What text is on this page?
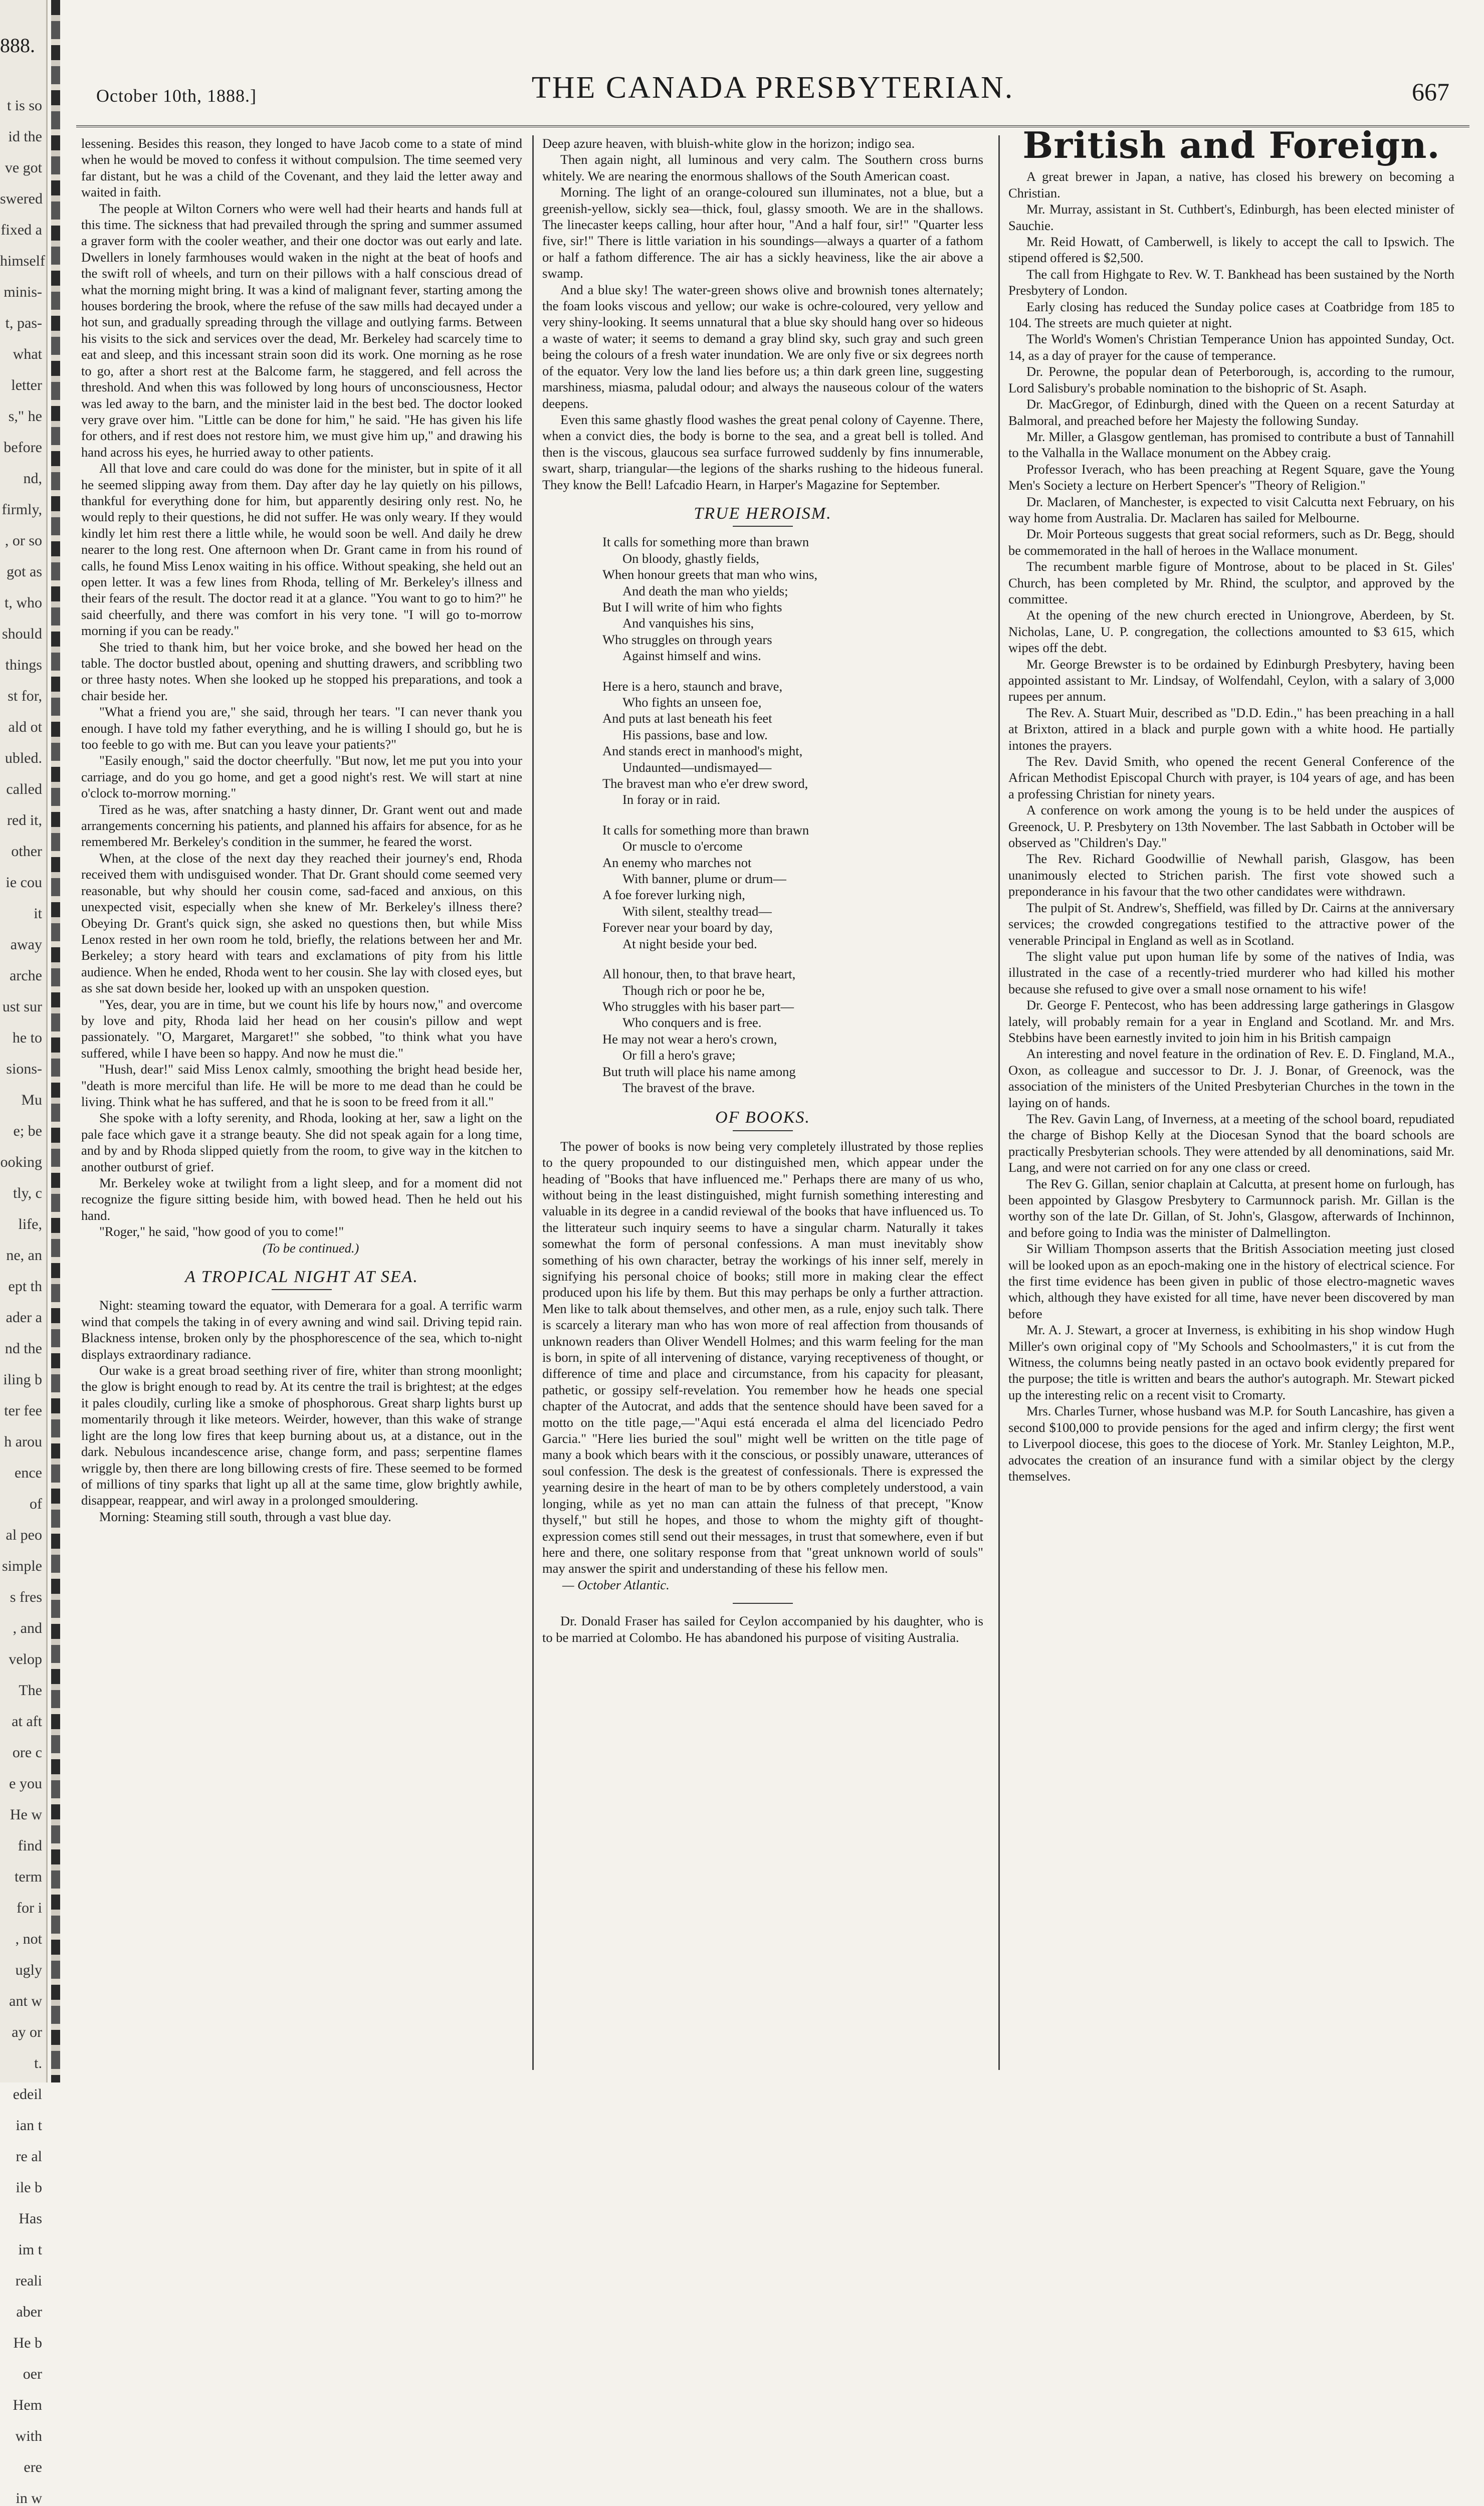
888.
t is so
id the
ve got
swered
fixed a
himself
minis-
t, pas-
what
letter
s," he
before
nd,
firmly,
, or so
got as
t, who
should
things
st for,
ald ot
ubled.
called
red it,
other
ie cou
it away
arche
ust sur
he to
sions-
Mu
e; be
ooking
tly, c
life,
ne, an
ept th
ader a
nd the
iling b
ter fee
h arou
ence of
al peo
simple
s fres
, and
velop
The
at aft
ore c
e you
He w
find
term
for i
, not
ugly
ant w
ay or
t.
edeil
ian t
re al
ile b
Has
im t
reali
aber
He b
oer
Hem
with
ere
in w
October 10th, 1888.]	THE CANADA PRESBYTERIAN.	667

lessening. Besides this reason, they longed to have Jacob come to a state of mind when he would be moved to confess it without compulsion. The time seemed very far distant, but he was a child of the Covenant, and they laid the letter away and waited in faith.

The people at Wilton Corners who were well had their hearts and hands full at this time. The sickness that had prevailed through the spring and summer assumed a graver form with the cooler weather, and their one doctor was out early and late. Dwellers in lonely farmhouses would waken in the night at the beat of hoofs and the swift roll of wheels, and turn on their pillows with a half conscious dread of what the morning might bring. It was a kind of malignant fever, starting among the houses bordering the brook, where the refuse of the saw mills had decayed under a hot sun, and gradually spreading through the village and outlying farms. Between his visits to the sick and services over the dead, Mr. Berkeley had scarcely time to eat and sleep, and this incessant strain soon did its work. One morning as he rose to go, after a short rest at the Balcome farm, he staggered, and fell across the threshold. And when this was followed by long hours of unconsciousness, Hector was led away to the barn, and the minister laid in the best bed. The doctor looked very grave over him. "Little can be done for him," he said. "He has given his life for others, and if rest does not restore him, we must give him up," and drawing his hand across his eyes, he hurried away to other patients.

All that love and care could do was done for the minister, but in spite of it all he seemed slipping away from them. Day after day he lay quietly on his pillows, thankful for everything done for him, but apparently desiring only rest. No, he would reply to their questions, he did not suffer. He was only weary. If they would kindly let him rest there a little while, he would soon be well. And daily he drew nearer to the long rest. One afternoon when Dr. Grant came in from his round of calls, he found Miss Lenox waiting in his office. Without speaking, she held out an open letter. It was a few lines from Rhoda, telling of Mr. Berkeley's illness and their fears of the result. The doctor read it at a glance. "You want to go to him?" he said cheerfully, and there was comfort in his very tone. "I will go to-morrow morning if you can be ready."

She tried to thank him, but her voice broke, and she bowed her head on the table. The doctor bustled about, opening and shutting drawers, and scribbling two or three hasty notes. When she looked up he stopped his preparations, and took a chair beside her.

"What a friend you are," she said, through her tears. "I can never thank you enough. I have told my father everything, and he is willing I should go, but he is too feeble to go with me. But can you leave your patients?"

"Easily enough," said the doctor cheerfully. "But now, let me put you into your carriage, and do you go home, and get a good night's rest. We will start at nine o'clock to-morrow morning."

Tired as he was, after snatching a hasty dinner, Dr. Grant went out and made arrangements concerning his patients, and planned his affairs for absence, for as he remembered Mr. Berkeley's condition in the summer, he feared the worst.

When, at the close of the next day they reached their journey's end, Rhoda received them with undisguised wonder. That Dr. Grant should come seemed very reasonable, but why should her cousin come, sad-faced and anxious, on this unexpected visit, especially when she knew of Mr. Berkeley's illness there? Obeying Dr. Grant's quick sign, she asked no questions then, but while Miss Lenox rested in her own room he told, briefly, the relations between her and Mr. Berkeley; a story heard with tears and exclamations of pity from his little audience. When he ended, Rhoda went to her cousin. She lay with closed eyes, but as she sat down beside her, looked up with an unspoken question.

"Yes, dear, you are in time, but we count his life by hours now," and overcome by love and pity, Rhoda laid her head on her cousin's pillow and wept passionately. "O, Margaret, Margaret!" she sobbed, "to think what you have suffered, while I have been so happy. And now he must die."

"Hush, dear!" said Miss Lenox calmly, smoothing the bright head beside her, "death is more merciful than life. He will be more to me dead than he could be living. Think what he has suffered, and that he is soon to be freed from it all."

She spoke with a lofty serenity, and Rhoda, looking at her, saw a light on the pale face which gave it a strange beauty. She did not speak again for a long time, and by and by Rhoda slipped quietly from the room, to give way in the kitchen to another outburst of grief.

Mr. Berkeley woke at twilight from a light sleep, and for a moment did not recognize the figure sitting beside him, with bowed head. Then he held out his hand.

"Roger," he said, "how good of you to come!"

(To be continued.)

A TROPICAL NIGHT AT SEA.

Night: steaming toward the equator, with Demerara for a goal. A terrific warm wind that compels the taking in of every awning and wind sail. Driving tepid rain. Blackness intense, broken only by the phosphorescence of the sea, which to-night displays extraordinary radiance.

Our wake is a great broad seething river of fire, whiter than strong moonlight; the glow is bright enough to read by. At its centre the trail is brightest; at the edges it pales cloudily, curling like a smoke of phosphorous. Great sharp lights burst up momentarily through it like meteors. Weirder, however, than this wake of strange light are the long low fires that keep burning about us, at a distance, out in the dark. Nebulous incandescence arise, change form, and pass; serpentine flames wriggle by, then there are long billowing crests of fire. These seemed to be formed of millions of tiny sparks that light up all at the same time, glow brightly awhile, disappear, reappear, and wirl away in a prolonged smouldering.

Morning: Steaming still south, through a vast blue day.

Deep azure heaven, with bluish-white glow in the horizon; indigo sea.

Then again night, all luminous and very calm. The Southern cross burns whitely. We are nearing the enormous shallows of the South American coast.

Morning. The light of an orange-coloured sun illuminates, not a blue, but a greenish-yellow, sickly sea—thick, foul, glassy smooth. We are in the shallows. The linecaster keeps calling, hour after hour, "And a half four, sir!" "Quarter less five, sir!" There is little variation in his soundings—always a quarter of a fathom or half a fathom difference. The air has a sickly heaviness, like the air above a swamp.

And a blue sky! The water-green shows olive and brownish tones alternately; the foam looks viscous and yellow; our wake is ochre-coloured, very yellow and very shiny-looking. It seems unnatural that a blue sky should hang over so hideous a waste of water; it seems to demand a gray blind sky, such gray and such green being the colours of a fresh water inundation. We are only five or six degrees north of the equator. Very low the land lies before us; a thin dark green line, suggesting marshiness, miasma, paludal odour; and always the nauseous colour of the waters deepens.

Even this same ghastly flood washes the great penal colony of Cayenne. There, when a convict dies, the body is borne to the sea, and a great bell is tolled. And then is the viscous, glaucous sea surface furrowed suddenly by fins innumerable, swart, sharp, triangular—the legions of the sharks rushing to the hideous funeral. They know the Bell! Lafcadio Hearn, in Harper's Magazine for September.

TRUE HEROISM.
It calls for something more than brawn
On bloody, ghastly fields,
When honour greets that man who wins,
And death the man who yields;
But I will write of him who fights
And vanquishes his sins,
Who struggles on through years
Against himself and wins.
Here is a hero, staunch and brave,
Who fights an unseen foe,
And puts at last beneath his feet
His passions, base and low.
And stands erect in manhood's might,
Undaunted—undismayed—
The bravest man who e'er drew sword,
In foray or in raid.
It calls for something more than brawn
Or muscle to o'ercome
An enemy who marches not
With banner, plume or drum—
A foe forever lurking nigh,
With silent, stealthy tread—
Forever near your board by day,
At night beside your bed.
All honour, then, to that brave heart,
Though rich or poor he be,
Who struggles with his baser part—
Who conquers and is free.
He may not wear a hero's crown,
Or fill a hero's grave;
But truth will place his name among
The bravest of the brave.
OF BOOKS.

The power of books is now being very completely illustrated by those replies to the query propounded to our distinguished men, which appear under the heading of "Books that have influenced me." Perhaps there are many of us who, without being in the least distinguished, might furnish something interesting and valuable in its degree in a candid reviewal of the books that have influenced us. To the litterateur such inquiry seems to have a singular charm. Naturally it takes somewhat the form of personal confessions. A man must inevitably show something of his own character, betray the workings of his inner self, merely in signifying his personal choice of books; still more in making clear the effect produced upon his life by them. But this may perhaps be only a further attraction. Men like to talk about themselves, and other men, as a rule, enjoy such talk. There is scarcely a literary man who has won more of real affection from thousands of unknown readers than Oliver Wendell Holmes; and this warm feeling for the man is born, in spite of all intervening of distance, varying receptiveness of thought, or difference of time and place and circumstance, from his capacity for pleasant, pathetic, or gossipy self-revelation. You remember how he heads one special chapter of the Autocrat, and adds that the sentence should have been saved for a motto on the title page,—"Aqui está encerada el alma del licenciado Pedro Garcia." "Here lies buried the soul" might well be written on the title page of many a book which bears with it the conscious, or possibly unaware, utterances of soul confession. The desk is the greatest of confessionals. There is expressed the yearning desire in the heart of man to be by others completely understood, a vain longing, while as yet no man can attain the fulness of that precept, "Know thyself," but still he hopes, and those to whom the mighty gift of thought-expression comes still send out their messages, in trust that somewhere, even if but here and there, one solitary response from that "great unknown world of souls" may answer the spirit and understanding of these his fellow men.

— October Atlantic.

Dr. Donald Fraser has sailed for Ceylon accompanied by his daughter, who is to be married at Colombo. He has abandoned his purpose of visiting Australia.

British and Foreign.

A great brewer in Japan, a native, has closed his brewery on becoming a Christian.

Mr. Murray, assistant in St. Cuthbert's, Edinburgh, has been elected minister of Sauchie.

Mr. Reid Howatt, of Camberwell, is likely to accept the call to Ipswich. The stipend offered is $2,500.

The call from Highgate to Rev. W. T. Bankhead has been sustained by the North Presbytery of London.

Early closing has reduced the Sunday police cases at Coatbridge from 185 to 104. The streets are much quieter at night.

The World's Women's Christian Temperance Union has appointed Sunday, Oct. 14, as a day of prayer for the cause of temperance.

Dr. Perowne, the popular dean of Peterborough, is, according to the rumour, Lord Salisbury's probable nomination to the bishopric of St. Asaph.

Dr. MacGregor, of Edinburgh, dined with the Queen on a recent Saturday at Balmoral, and preached before her Majesty the following Sunday.

Mr. Miller, a Glasgow gentleman, has promised to contribute a bust of Tannahill to the Valhalla in the Wallace monument on the Abbey craig.

Professor Iverach, who has been preaching at Regent Square, gave the Young Men's Society a lecture on Herbert Spencer's "Theory of Religion."

Dr. Maclaren, of Manchester, is expected to visit Calcutta next February, on his way home from Australia. Dr. Maclaren has sailed for Melbourne.

Dr. Moir Porteous suggests that great social reformers, such as Dr. Begg, should be commemorated in the hall of heroes in the Wallace monument.

The recumbent marble figure of Montrose, about to be placed in St. Giles' Church, has been completed by Mr. Rhind, the sculptor, and approved by the committee.

At the opening of the new church erected in Uniongrove, Aberdeen, by St. Nicholas, Lane, U. P. congregation, the collections amounted to $3 615, which wipes off the debt.

Mr. George Brewster is to be ordained by Edinburgh Presbytery, having been appointed assistant to Mr. Lindsay, of Wolfendahl, Ceylon, with a salary of 3,000 rupees per annum.

The Rev. A. Stuart Muir, described as "D.D. Edin.," has been preaching in a hall at Brixton, attired in a black and purple gown with a white hood. He partially intones the prayers.

The Rev. David Smith, who opened the recent General Conference of the African Methodist Episcopal Church with prayer, is 104 years of age, and has been a professing Christian for ninety years.

A conference on work among the young is to be held under the auspices of Greenock, U. P. Presbytery on 13th November. The last Sabbath in October will be observed as "Children's Day."

The Rev. Richard Goodwillie of Newhall parish, Glasgow, has been unanimously elected to Strichen parish. The first vote showed such a preponderance in his favour that the two other candidates were withdrawn.

The pulpit of St. Andrew's, Sheffield, was filled by Dr. Cairns at the anniversary services; the crowded congregations testified to the attractive power of the venerable Principal in England as well as in Scotland.

The slight value put upon human life by some of the natives of India, was illustrated in the case of a recently-tried murderer who had killed his mother because she refused to give over a small nose ornament to his wife!

Dr. George F. Pentecost, who has been addressing large gatherings in Glasgow lately, will probably remain for a year in England and Scotland. Mr. and Mrs. Stebbins have been earnestly invited to join him in his British campaign

An interesting and novel feature in the ordination of Rev. E. D. Fingland, M.A., Oxon, as colleague and successor to Dr. J. J. Bonar, of Greenock, was the association of the ministers of the United Presbyterian Churches in the town in the laying on of hands.

The Rev. Gavin Lang, of Inverness, at a meeting of the school board, repudiated the charge of Bishop Kelly at the Diocesan Synod that the board schools are practically Presbyterian schools. They were attended by all denominations, said Mr. Lang, and were not carried on for any one class or creed.

The Rev G. Gillan, senior chaplain at Calcutta, at present home on furlough, has been appointed by Glasgow Presbytery to Carmunnock parish. Mr. Gillan is the worthy son of the late Dr. Gillan, of St. John's, Glasgow, afterwards of Inchinnon, and before going to India was the minister of Dalmellington.

Sir William Thompson asserts that the British Association meeting just closed will be looked upon as an epoch-making one in the history of electrical science. For the first time evidence has been given in public of those electro-magnetic waves which, although they have existed for all time, have never been discovered by man before

Mr. A. J. Stewart, a grocer at Inverness, is exhibiting in his shop window Hugh Miller's own original copy of "My Schools and Schoolmasters," it is cut from the Witness, the columns being neatly pasted in an octavo book evidently prepared for the purpose; the title is written and bears the author's autograph. Mr. Stewart picked up the interesting relic on a recent visit to Cromarty.

Mrs. Charles Turner, whose husband was M.P. for South Lancashire, has given a second $100,000 to provide pensions for the aged and infirm clergy; the first went to Liverpool diocese, this goes to the diocese of York. Mr. Stanley Leighton, M.P., advocates the creation of an insurance fund with a similar object by the clergy themselves.
